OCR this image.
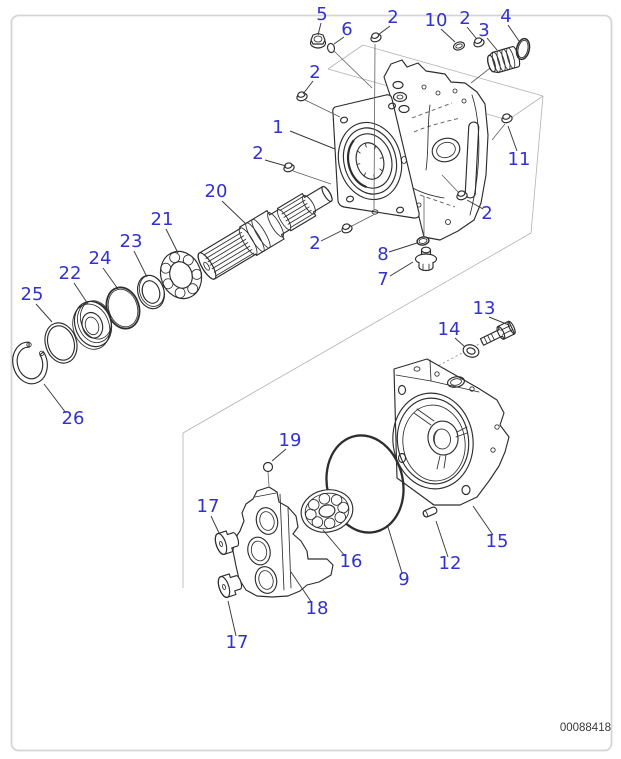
5
6
2 10 2
3
4
2
1
2	11
2
2
8
7
20
21
23
24
22
25
26
13
14
19
17
16
9
12
15
18
17
00088418
